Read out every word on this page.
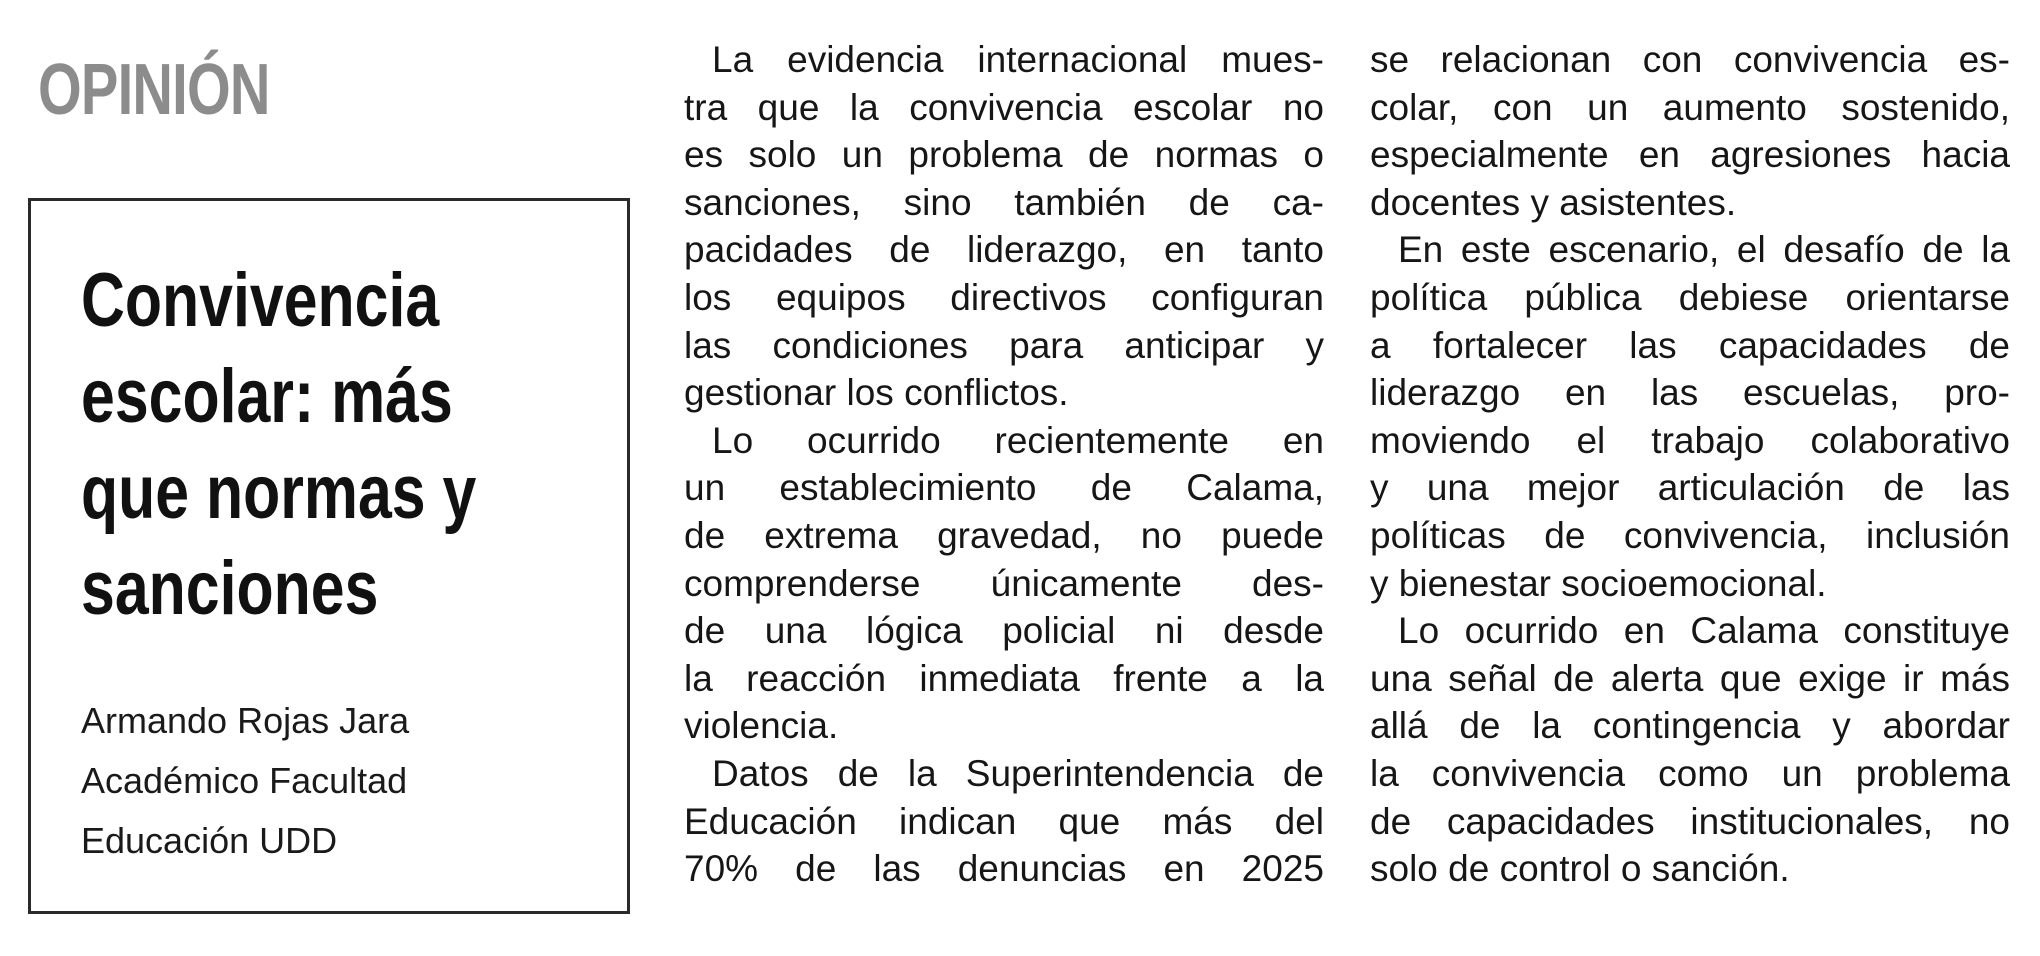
OPINIÓN
Convivencia
escolar: más
que normas y
sanciones
Armando Rojas Jara
Académico Facultad
Educación UDD
La evidencia internacional mues-
tra que la convivencia escolar no
es solo un problema de normas o
sanciones, sino también de ca-
pacidades de liderazgo, en tanto
los equipos directivos configuran
las condiciones para anticipar y
gestionar los conflictos.
Lo ocurrido recientemente en
un establecimiento de Calama,
de extrema gravedad, no puede
comprenderse únicamente des-
de una lógica policial ni desde
la reacción inmediata frente a la
violencia.
Datos de la Superintendencia de
Educación indican que más del
70% de las denuncias en 2025
se relacionan con convivencia es-
colar, con un aumento sostenido,
especialmente en agresiones hacia
docentes y asistentes.
En este escenario, el desafío de la
política pública debiese orientarse
a fortalecer las capacidades de
liderazgo en las escuelas, pro-
moviendo el trabajo colaborativo
y una mejor articulación de las
políticas de convivencia, inclusión
y bienestar socioemocional.
Lo ocurrido en Calama constituye
una señal de alerta que exige ir más
allá de la contingencia y abordar
la convivencia como un problema
de capacidades institucionales, no
solo de control o sanción.
